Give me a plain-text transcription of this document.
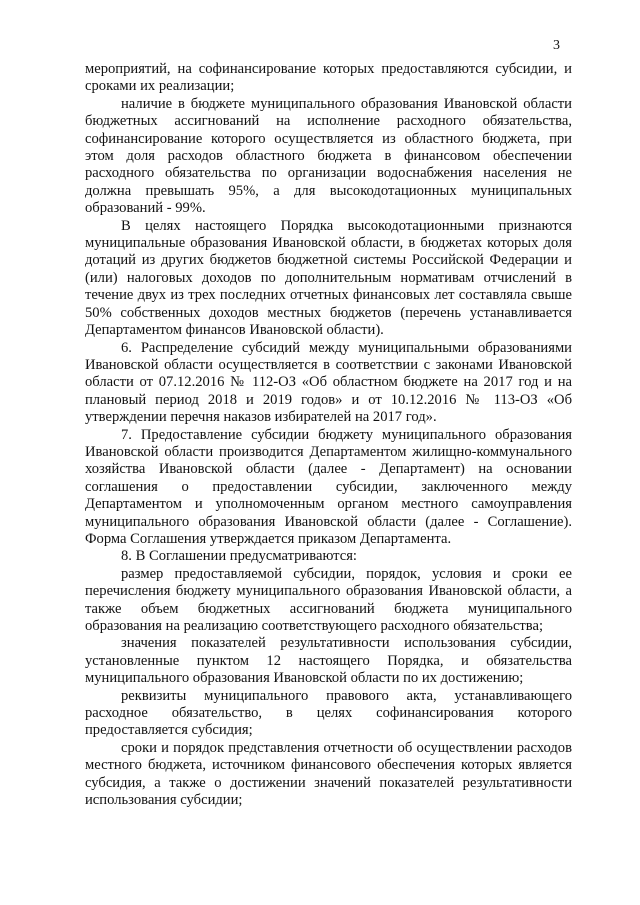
3

мероприятий, на софинансирование которых предоставляются субсидии, и сроками их реализации;

наличие в бюджете муниципального образования Ивановской области бюджетных ассигнований на исполнение расходного обязательства, софинансирование которого осуществляется из областного бюджета, при этом доля расходов областного бюджета в финансовом обеспечении расходного обязательства по организации водоснабжения населения не должна превышать 95%, а для высокодотационных муниципальных образований - 99%.

В целях настоящего Порядка высокодотационными признаются муниципальные образования Ивановской области, в бюджетах которых доля дотаций из других бюджетов бюджетной системы Российской Федерации и (или) налоговых доходов по дополнительным нормативам отчислений в течение двух из трех последних отчетных финансовых лет составляла свыше 50% собственных доходов местных бюджетов (перечень устанавливается Департаментом финансов Ивановской области).

6. Распределение субсидий между муниципальными образованиями Ивановской области осуществляется в соответствии с законами Ивановской области от 07.12.2016 № 112-ОЗ «Об областном бюджете на 2017 год и на плановый период 2018 и 2019 годов» и от 10.12.2016 № 113-ОЗ «Об утверждении перечня наказов избирателей на 2017 год».

7. Предоставление субсидии бюджету муниципального образования Ивановской области производится Департаментом жилищно-коммунального хозяйства Ивановской области (далее - Департамент) на основании соглашения о предоставлении субсидии, заключенного между Департаментом и уполномоченным органом местного самоуправления муниципального образования Ивановской области (далее - Соглашение). Форма Соглашения утверждается приказом Департамента.

8. В Соглашении предусматриваются:

размер предоставляемой субсидии, порядок, условия и сроки ее перечисления бюджету муниципального образования Ивановской области, а также объем бюджетных ассигнований бюджета муниципального образования на реализацию соответствующего расходного обязательства;

значения показателей результативности использования субсидии, установленные пунктом 12 настоящего Порядка, и обязательства муниципального образования Ивановской области по их достижению;

реквизиты муниципального правового акта, устанавливающего расходное обязательство, в целях софинансирования которого предоставляется субсидия;

сроки и порядок представления отчетности об осуществлении расходов местного бюджета, источником финансового обеспечения которых является субсидия, а также о достижении значений показателей результативности использования субсидии;
